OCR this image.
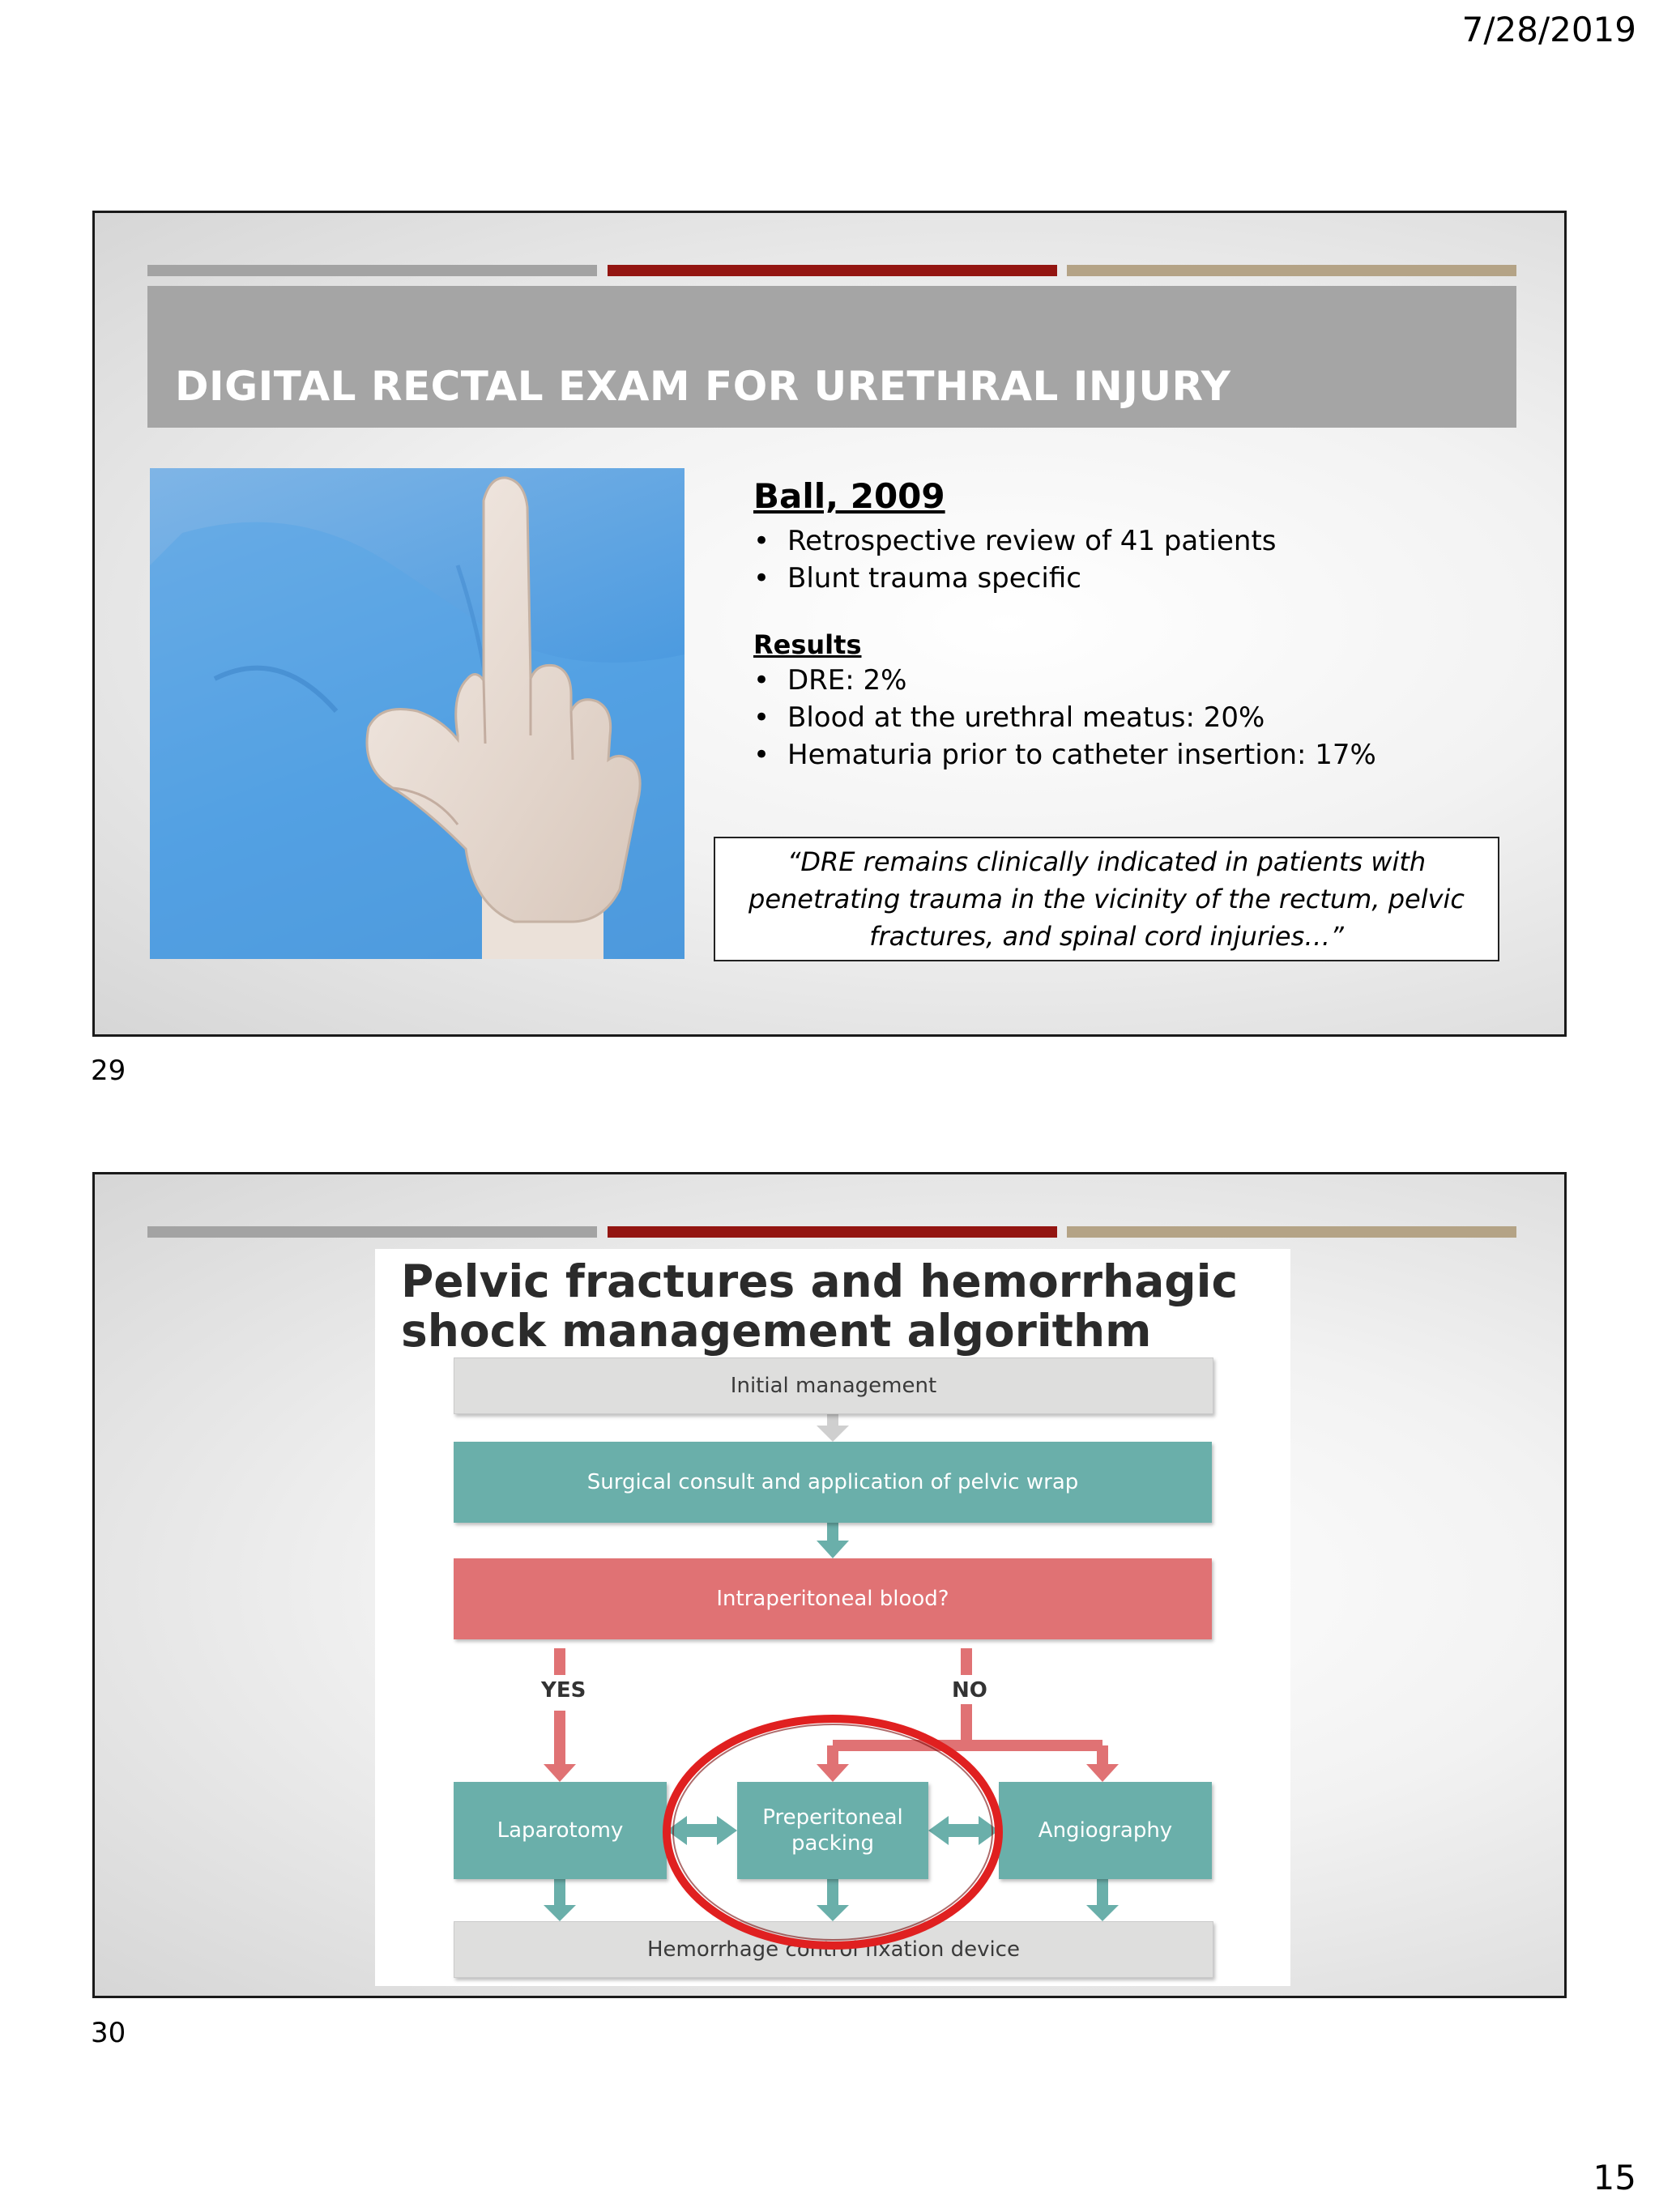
7/28/2019
DIGITAL RECTAL EXAM FOR URETHRAL INJURY
Ball, 2009
• Retrospective review of 41 patients
• Blunt trauma specific
Results
• DRE: 2%
• Blood at the urethral meatus: 20%
• Hematuria prior to catheter insertion: 17%
“DRE remains clinically indicated in patients with penetrating trauma in the vicinity of the rectum, pelvic fractures, and spinal cord injuries…”
29
Pelvic fractures and hemorrhagic
shock management algorithm
Initial management
Surgical consult and application of pelvic wrap
Intraperitoneal blood?
YES	NO
Laparotomy
Preperitoneal packing
Angiography
Hemorrhage control fixation device
30
15
